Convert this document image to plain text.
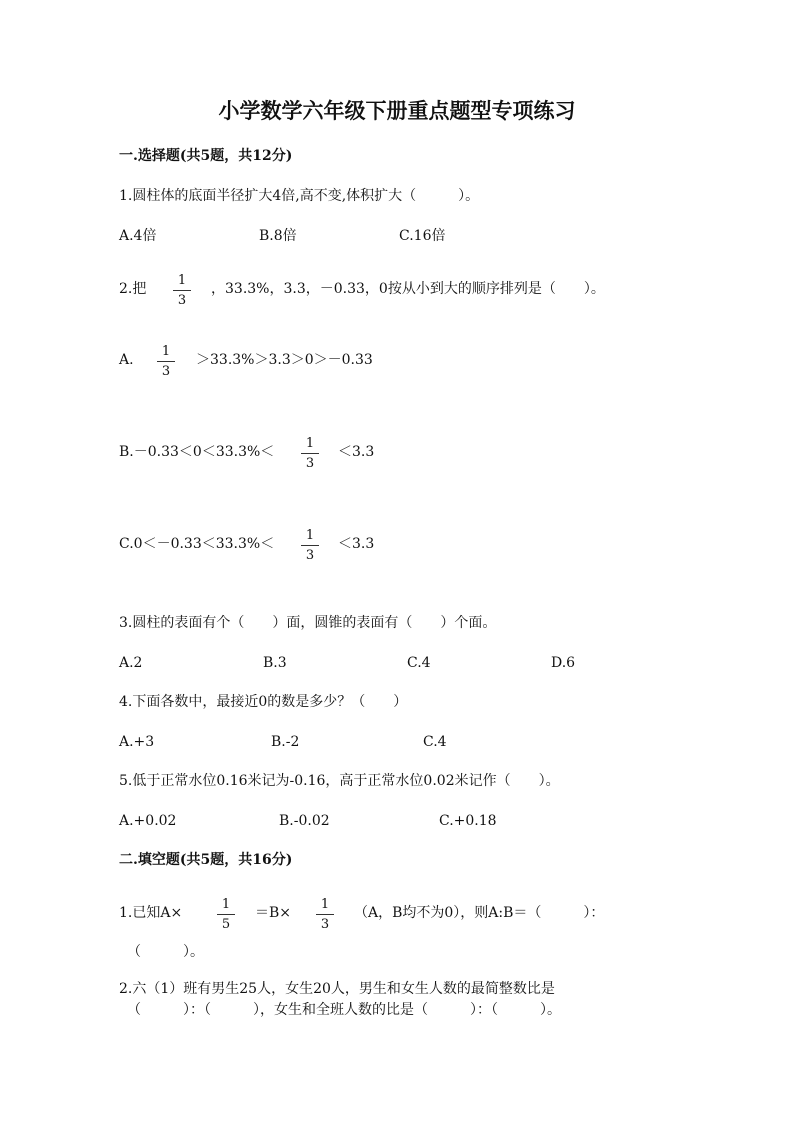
小学数学六年级下册重点题型专项练习
一.选择题(共5题，共12分)
1.圆柱体的底面半径扩大4倍,高不变,体积扩大（　　　）。
A.4倍	B.8倍	C.16倍
2.把
1
3
，33.3%，3.3，－0.33，0按从小到大的顺序排列是（　　）。
A.
1
3
＞33.3%＞3.3＞0＞－0.33
B.－0.33＜0＜33.3%＜
1
3
＜3.3
C.0＜－0.33＜33.3%＜
1
3
＜3.3
3.圆柱的表面有个（　　）面，圆锥的表面有（　　）个面。
A.2	B.3	C.4	D.6
4.下面各数中，最接近0的数是多少？（　　）
A.+3	B.-2	C.4
5.低于正常水位0.16米记为-0.16，高于正常水位0.02米记作（　　）。
A.+0.02	B.-0.02	C.+0.18
二.填空题(共5题，共16分)
1.已知A×
1
5
＝B×
1
3
（A，B均不为0），则A:B＝（　　　）：
（　　　）。
2.六（1）班有男生25人，女生20人，男生和女生人数的最简整数比是
（　　　）：（　　　），女生和全班人数的比是（　　　）：（　　　）。
